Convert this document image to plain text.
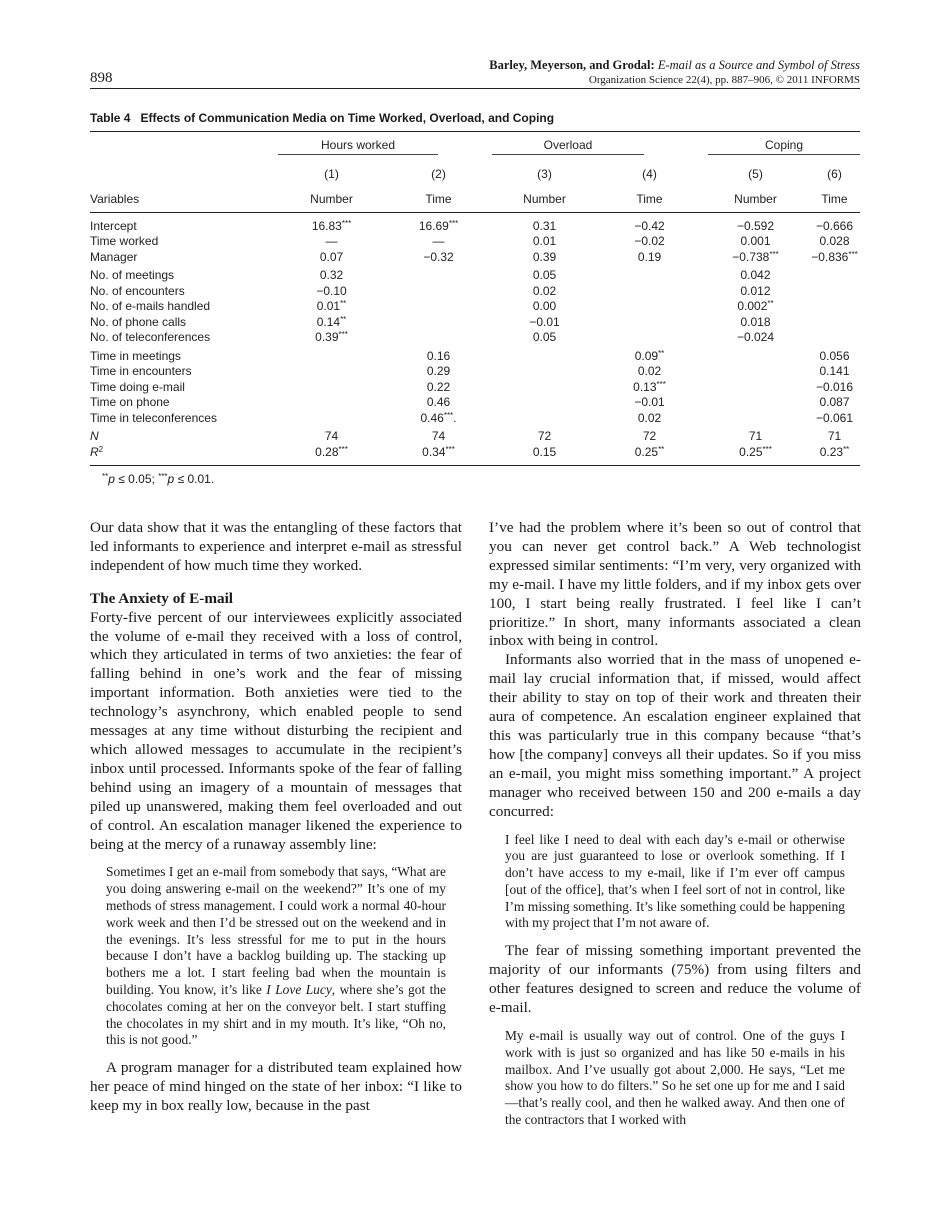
898
Barley, Meyerson, and Grodal: E-mail as a Source and Symbol of Stress
Organization Science 22(4), pp. 887–906, © 2011 INFORMS
Table 4 Effects of Communication Media on Time Worked, Overload, and Coping

	Hours worked		Overload		Coping	

	(1)	(2)	(3)	(4)	(5)	(6)
Variables	Number	Time	Number	Time	Number	Time
Intercept	16.83***	16.69***	0.31	−0.42	−0.592	−0.666
Time worked	—	—	0.01	−0.02	0.001	0.028
Manager	0.07	−0.32	0.39	0.19	−0.738***	−0.836***
No. of meetings	0.32		0.05		0.042	
No. of encounters	−0.10		0.02		0.012	
No. of e-mails handled	0.01**		0.00		0.002**	
No. of phone calls	0.14**		−0.01		0.018	
No. of teleconferences	0.39***		0.05		−0.024	
Time in meetings		0.16		0.09**		0.056
Time in encounters		0.29		0.02		0.141
Time doing e-mail		0.22		0.13***		−0.016
Time on phone		0.46		−0.01		0.087
Time in teleconferences		0.46***.		0.02		−0.061
N	74	74	72	72	71	71
$R^2$	0.28***	0.34***	0.15	0.25**	0.25***	0.23**
**p ≤ 0.05; ***p ≤ 0.01.

Our data show that it was the entangling of these factors that led informants to experience and interpret e-mail as stressful independent of how much time they worked.

The Anxiety of E-mail

Forty-five percent of our interviewees explicitly associated the volume of e-mail they received with a loss of control, which they articulated in terms of two anxieties: the fear of falling behind in one’s work and the fear of missing important information. Both anxieties were tied to the technology’s asynchrony, which enabled people to send messages at any time without disturbing the recipient and which allowed messages to accumulate in the recipient’s inbox until processed. Informants spoke of the fear of falling behind using an imagery of a mountain of messages that piled up unanswered, making them feel overloaded and out of control. An escalation manager likened the experience to being at the mercy of a runaway assembly line:

Sometimes I get an e-mail from somebody that says, “What are you doing answering e-mail on the weekend?” It’s one of my methods of stress management. I could work a normal 40-hour work week and then I’d be stressed out on the weekend and in the evenings. It’s less stressful for me to put in the hours because I don’t have a backlog building up. The stacking up bothers me a lot. I start feeling bad when the mountain is building. You know, it’s like I Love Lucy, where she’s got the chocolates coming at her on the conveyor belt. I start stuffing the chocolates in my shirt and in my mouth. It’s like, “Oh no, this is not good.”

A program manager for a distributed team explained how her peace of mind hinged on the state of her inbox: “I like to keep my in box really low, because in the past

I’ve had the problem where it’s been so out of control that you can never get control back.” A Web technologist expressed similar sentiments: “I’m very, very organized with my e-mail. I have my little folders, and if my inbox gets over 100, I start being really frustrated. I feel like I can’t prioritize.” In short, many informants associated a clean inbox with being in control.

Informants also worried that in the mass of unopened e-mail lay crucial information that, if missed, would affect their ability to stay on top of their work and threaten their aura of competence. An escalation engineer explained that this was particularly true in this company because “that’s how [the company] conveys all their updates. So if you miss an e-mail, you might miss something important.” A project manager who received between 150 and 200 e-mails a day concurred:

I feel like I need to deal with each day’s e-mail or otherwise you are just guaranteed to lose or overlook something. If I don’t have access to my e-mail, like if I’m ever off campus [out of the office], that’s when I feel sort of not in control, like I’m missing something. It’s like something could be happening with my project that I’m not aware of.

The fear of missing something important prevented the majority of our informants (75%) from using filters and other features designed to screen and reduce the volume of e-mail.

My e-mail is usually way out of control. One of the guys I work with is just so organized and has like 50 e-mails in his mailbox. And I’ve usually got about 2,000. He says, “Let me show you how to do filters.” So he set one up for me and I said—that’s really cool, and then he walked away. And then one of the contractors that I worked with
